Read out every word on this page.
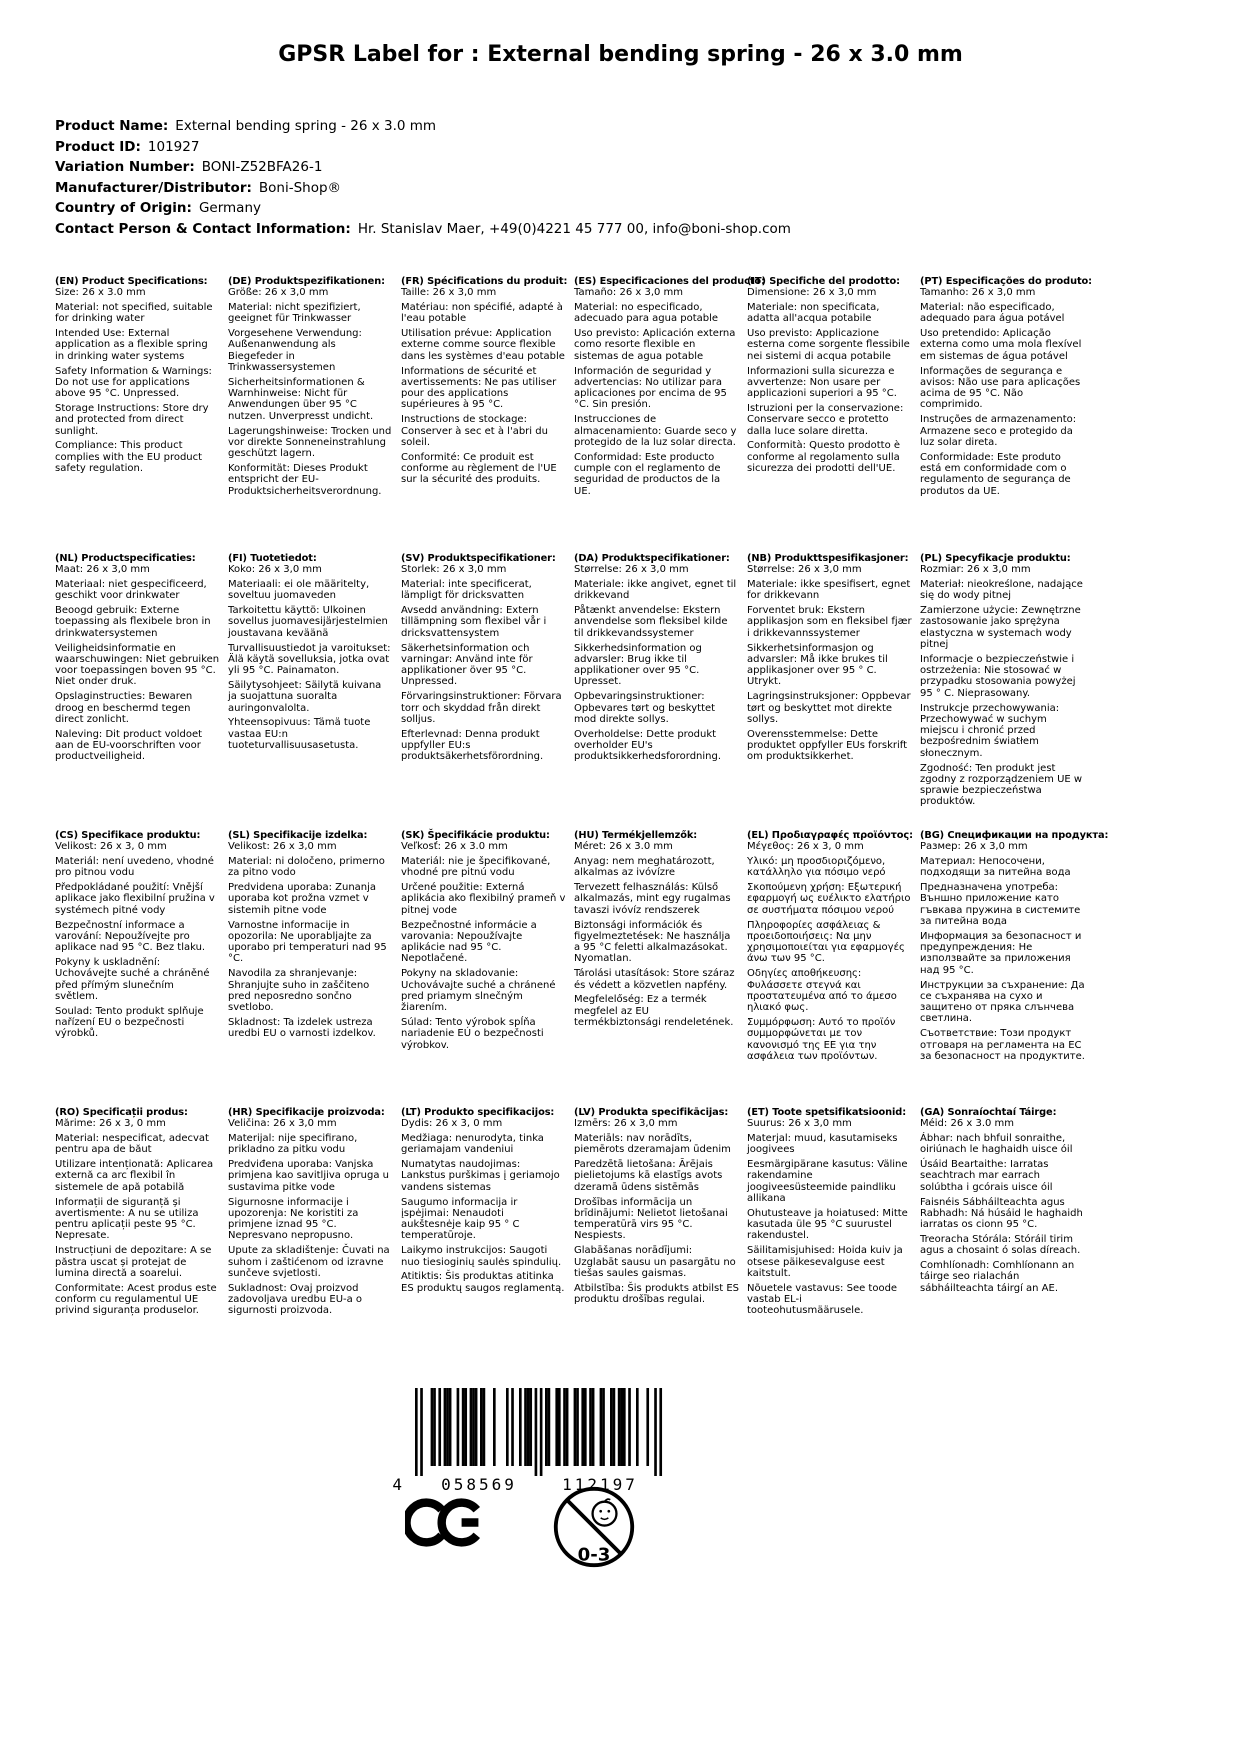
GPSR Label for : External bending spring - 26 x 3.0 mm
Product Name: External bending spring - 26 x 3.0 mm
Product ID: 101927
Variation Number: BONI-Z52BFA26-1
Manufacturer/Distributor: Boni-Shop®
Country of Origin: Germany
Contact Person & Contact Information: Hr. Stanislav Maer, +49(0)4221 45 777 00, info@boni-shop.com
(EN) Product Specifications:
Size: 26 x 3.0 mm
Material: not specified, suitable for drinking water
Intended Use: External application as a flexible spring in drinking water systems
Safety Information & Warnings: Do not use for applications above 95 °C. Unpressed.
Storage Instructions: Store dry and protected from direct sunlight.
Compliance: This product complies with the EU product safety regulation.
(DE) Produktspezifikationen:
Größe: 26 x 3,0 mm
Material: nicht spezifiziert, geeignet für Trinkwasser
Vorgesehene Verwendung: Außenanwendung als Biegefeder in Trinkwassersystemen
Sicherheitsinformationen & Warnhinweise: Nicht für Anwendungen über 95 °C nutzen. Unverpresst undicht.
Lagerungshinweise: Trocken und vor direkte Sonneneinstrahlung geschützt lagern.
Konformität: Dieses Produkt entspricht der EU-Produktsicherheitsverordnung.
(FR) Spécifications du produit:
Taille: 26 x 3,0 mm
Matériau: non spécifié, adapté à l'eau potable
Utilisation prévue: Application externe comme source flexible dans les systèmes d'eau potable
Informations de sécurité et avertissements: Ne pas utiliser pour des applications supérieures à 95 °C.
Instructions de stockage: Conserver à sec et à l'abri du soleil.
Conformité: Ce produit est conforme au règlement de l'UE sur la sécurité des produits.
(ES) Especificaciones del producto:
Tamaño: 26 x 3,0 mm
Material: no especificado, adecuado para agua potable
Uso previsto: Aplicación externa como resorte flexible en sistemas de agua potable
Información de seguridad y advertencias: No utilizar para aplicaciones por encima de 95 °C. Sin presión.
Instrucciones de almacenamiento: Guarde seco y protegido de la luz solar directa.
Conformidad: Este producto cumple con el reglamento de seguridad de productos de la UE.
(IT) Specifiche del prodotto:
Dimensione: 26 x 3,0 mm
Materiale: non specificata, adatta all'acqua potabile
Uso previsto: Applicazione esterna come sorgente flessibile nei sistemi di acqua potabile
Informazioni sulla sicurezza e avvertenze: Non usare per applicazioni superiori a 95 °C.
Istruzioni per la conservazione: Conservare secco e protetto dalla luce solare diretta.
Conformità: Questo prodotto è conforme al regolamento sulla sicurezza dei prodotti dell'UE.
(PT) Especificações do produto:
Tamanho: 26 x 3,0 mm
Material: não especificado, adequado para água potável
Uso pretendido: Aplicação externa como uma mola flexível em sistemas de água potável
Informações de segurança e avisos: Não use para aplicações acima de 95 °C. Não comprimido.
Instruções de armazenamento: Armazene seco e protegido da luz solar direta.
Conformidade: Este produto está em conformidade com o regulamento de segurança de produtos da UE.
(NL) Productspecificaties:
Maat: 26 x 3,0 mm
Materiaal: niet gespecificeerd, geschikt voor drinkwater
Beoogd gebruik: Externe toepassing als flexibele bron in drinkwatersystemen
Veiligheidsinformatie en waarschuwingen: Niet gebruiken voor toepassingen boven 95 °C. Niet onder druk.
Opslaginstructies: Bewaren droog en beschermd tegen direct zonlicht.
Naleving: Dit product voldoet aan de EU-voorschriften voor productveiligheid.
(FI) Tuotetiedot:
Koko: 26 x 3,0 mm
Materiaali: ei ole määritelty, soveltuu juomaveden
Tarkoitettu käyttö: Ulkoinen sovellus juomavesijärjestelmien joustavana keväänä
Turvallisuustiedot ja varoitukset: Älä käytä sovelluksia, jotka ovat yli 95 °C. Painamaton.
Säilytysohjeet: Säilytä kuivana ja suojattuna suoralta auringonvalolta.
Yhteensopivuus: Tämä tuote vastaa EU:n tuoteturvallisuusasetusta.
(SV) Produktspecifikationer:
Storlek: 26 x 3,0 mm
Material: inte specificerat, lämpligt för dricksvatten
Avsedd användning: Extern tillämpning som flexibel vår i dricksvattensystem
Säkerhetsinformation och varningar: Använd inte för applikationer över 95 °C. Unpressed.
Förvaringsinstruktioner: Förvara torr och skyddad från direkt solljus.
Efterlevnad: Denna produkt uppfyller EU:s produktsäkerhetsförordning.
(DA) Produktspecifikationer:
Størrelse: 26 x 3,0 mm
Materiale: ikke angivet, egnet til drikkevand
Påtænkt anvendelse: Ekstern anvendelse som fleksibel kilde til drikkevandssystemer
Sikkerhedsinformation og advarsler: Brug ikke til applikationer over 95 °C. Upresset.
Opbevaringsinstruktioner: Opbevares tørt og beskyttet mod direkte sollys.
Overholdelse: Dette produkt overholder EU's produktsikkerhedsforordning.
(NB) Produkttspesifikasjoner:
Størrelse: 26 x 3,0 mm
Materiale: ikke spesifisert, egnet for drikkevann
Forventet bruk: Ekstern applikasjon som en fleksibel fjær i drikkevannssystemer
Sikkerhetsinformasjon og advarsler: Må ikke brukes til applikasjoner over 95 ° C. Utrykt.
Lagringsinstruksjoner: Oppbevar tørt og beskyttet mot direkte sollys.
Overensstemmelse: Dette produktet oppfyller EUs forskrift om produktsikkerhet.
(PL) Specyfikacje produktu:
Rozmiar: 26 x 3,0 mm
Materiał: nieokreślone, nadające się do wody pitnej
Zamierzone użycie: Zewnętrzne zastosowanie jako sprężyna elastyczna w systemach wody pitnej
Informacje o bezpieczeństwie i ostrzeżenia: Nie stosować w przypadku stosowania powyżej 95 ° C. Nieprasowany.
Instrukcje przechowywania: Przechowywać w suchym miejscu i chronić przed bezpośrednim światłem słonecznym.
Zgodność: Ten produkt jest zgodny z rozporządzeniem UE w sprawie bezpieczeństwa produktów.
(CS) Specifikace produktu:
Velikost: 26 x 3, 0 mm
Materiál: není uvedeno, vhodné pro pitnou vodu
Předpokládané použití: Vnější aplikace jako flexibilní pružina v systémech pitné vody
Bezpečnostní informace a varování: Nepoužívejte pro aplikace nad 95 °C. Bez tlaku.
Pokyny k uskladnění: Uchovávejte suché a chráněné před přímým slunečním světlem.
Soulad: Tento produkt splňuje nařízení EU o bezpečnosti výrobků.
(SL) Specifikacije izdelka:
Velikost: 26 x 3,0 mm
Material: ni določeno, primerno za pitno vodo
Predvidena uporaba: Zunanja uporaba kot prožna vzmet v sistemih pitne vode
Varnostne informacije in opozorila: Ne uporabljajte za uporabo pri temperaturi nad 95 °C.
Navodila za shranjevanje: Shranjujte suho in zaščiteno pred neposredno sončno svetlobo.
Skladnost: Ta izdelek ustreza uredbi EU o varnosti izdelkov.
(SK) Špecifikácie produktu:
Veľkosť: 26 x 3.0 mm
Materiál: nie je špecifikované, vhodné pre pitnú vodu
Určené použitie: Externá aplikácia ako flexibilný prameň v pitnej vode
Bezpečnostné informácie a varovania: Nepoužívajte aplikácie nad 95 °C. Nepotlačené.
Pokyny na skladovanie: Uchovávajte suché a chránené pred priamym slnečným žiarením.
Súlad: Tento výrobok spĺňa nariadenie EÚ o bezpečnosti výrobkov.
(HU) Termékjellemzők:
Méret: 26 x 3.0 mm
Anyag: nem meghatározott, alkalmas az ivóvízre
Tervezett felhasználás: Külső alkalmazás, mint egy rugalmas tavaszi ivóvíz rendszerek
Biztonsági információk és figyelmeztetések: Ne használja a 95 °C feletti alkalmazásokat. Nyomatlan.
Tárolási utasítások: Store száraz és védett a közvetlen napfény.
Megfelelőség: Ez a termék megfelel az EU termékbiztonsági rendeletének.
(EL) Προδιαγραφές προϊόντος:
Μέγεθος: 26 x 3, 0 mm
Υλικό: μη προσδιοριζόμενο, κατάλληλο για πόσιμο νερό
Σκοπούμενη χρήση: Εξωτερική εφαρμογή ως ευέλικτο ελατήριο σε συστήματα πόσιμου νερού
Πληροφορίες ασφάλειας & προειδοποιήσεις: Να μην χρησιμοποιείται για εφαρμογές άνω των 95 °C.
Οδηγίες αποθήκευσης: Φυλάσσετε στεγνά και προστατευμένα από το άμεσο ηλιακό φως.
Συμμόρφωση: Αυτό το προϊόν συμμορφώνεται με τον κανονισμό της ΕΕ για την ασφάλεια των προϊόντων.
(BG) Спецификации на продукта:
Размер: 26 x 3,0 mm
Материал: Непосочени, подходящи за питейна вода
Предназначена употреба: Външно приложение като гъвкава пружина в системите за питейна вода
Информация за безопасност и предупреждения: Не използвайте за приложения над 95 °C.
Инструкции за съхранение: Да се съхранява на сухо и защитено от пряка слънчева светлина.
Съответствие: Този продукт отговаря на регламента на ЕС за безопасност на продуктите.
(RO) Specificații produs:
Mărime: 26 x 3, 0 mm
Material: nespecificat, adecvat pentru apa de băut
Utilizare intenționată: Aplicarea externă ca arc flexibil în sistemele de apă potabilă
Informații de siguranță și avertismente: A nu se utiliza pentru aplicații peste 95 °C. Nepresate.
Instrucțiuni de depozitare: A se păstra uscat și protejat de lumina directă a soarelui.
Conformitate: Acest produs este conform cu regulamentul UE privind siguranța produselor.
(HR) Specifikacije proizvoda:
Veličina: 26 x 3,0 mm
Materijal: nije specifirano, prikladno za pitku vodu
Predviđena uporaba: Vanjska primjena kao savitljiva opruga u sustavima pitke vode
Sigurnosne informacije i upozorenja: Ne koristiti za primjene iznad 95 °C. Nepresvano nepropusno.
Upute za skladištenje: Čuvati na suhom i zaštićenom od izravne sunčeve svjetlosti.
Sukladnost: Ovaj proizvod zadovoljava uredbu EU-a o sigurnosti proizvoda.
(LT) Produkto specifikacijos:
Dydis: 26 x 3, 0 mm
Medžiaga: nenurodyta, tinka geriamajam vandeniui
Numatytas naudojimas: Lankstus purškimas į geriamojo vandens sistemas
Saugumo informacija ir įspėjimai: Nenaudoti aukštesnėje kaip 95 ° C temperatūroje.
Laikymo instrukcijos: Saugoti nuo tiesioginių saulės spindulių.
Atitiktis: Šis produktas atitinka ES produktų saugos reglamentą.
(LV) Produkta specifikācijas:
Izmērs: 26 x 3,0 mm
Materiāls: nav norādīts, piemērots dzeramajam ūdenim
Paredzētā lietošana: Ārējais pielietojums kā elastīgs avots dzeramā ūdens sistēmās
Drošības informācija un brīdinājumi: Nelietot lietošanai temperatūrā virs 95 °C. Nespiests.
Glabāšanas norādījumi: Uzglabāt sausu un pasargātu no tiešas saules gaismas.
Atbilstība: Šis produkts atbilst ES produktu drošības regulai.
(ET) Toote spetsifikatsioonid:
Suurus: 26 x 3,0 mm
Materjal: muud, kasutamiseks joogivees
Eesmärgipärane kasutus: Väline rakendamine joogiveesüsteemide paindliku allikana
Ohutusteave ja hoiatused: Mitte kasutada üle 95 °C suurustel rakendustel.
Säilitamisjuhised: Hoida kuiv ja otsese päikesevalguse eest kaitstult.
Nõuetele vastavus: See toode vastab EL-i tooteohutusmäärusele.
(GA) Sonraíochtaí Táirge:
Méid: 26 x 3.0 mm
Ábhar: nach bhfuil sonraithe, oiriúnach le haghaidh uisce óil
Úsáid Beartaithe: Iarratas seachtrach mar earrach solúbtha i gcórais uisce óil
Faisnéis Sábháilteachta agus Rabhadh: Ná húsáid le haghaidh iarratas os cionn 95 °C.
Treoracha Stórála: Stóráil tirim agus a chosaint ó solas díreach.
Comhlíonadh: Comhlíonann an táirge seo rialachán sábháilteachta táirgí an AE.
4 058569	112197
0-3
